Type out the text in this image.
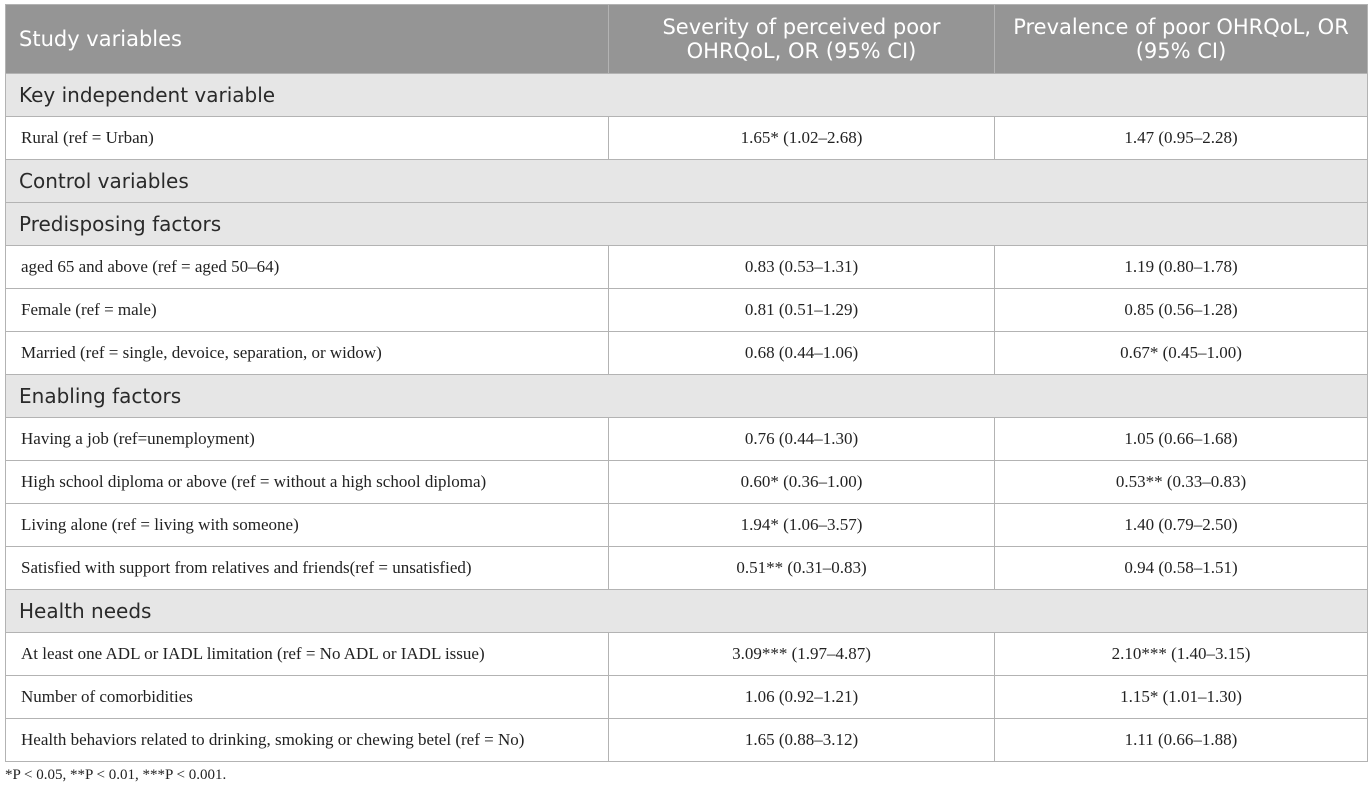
Study variables	Severity of perceived poor OHRQoL, OR (95% CI)	Prevalence of poor OHRQoL, OR (95% CI)
Key independent variable		
Rural (ref = Urban)	1.65* (1.02–2.68)	1.47 (0.95–2.28)
Control variables		
Predisposing factors		
aged 65 and above (ref = aged 50–64)	0.83 (0.53–1.31)	1.19 (0.80–1.78)
Female (ref = male)	0.81 (0.51–1.29)	0.85 (0.56–1.28)
Married (ref = single, devoice, separation, or widow)	0.68 (0.44–1.06)	0.67* (0.45–1.00)
Enabling factors		
Having a job (ref=unemployment)	0.76 (0.44–1.30)	1.05 (0.66–1.68)
High school diploma or above (ref = without a high school diploma)	0.60* (0.36–1.00)	0.53** (0.33–0.83)
Living alone (ref = living with someone)	1.94* (1.06–3.57)	1.40 (0.79–2.50)
Satisfied with support from relatives and friends(ref = unsatisfied)	0.51** (0.31–0.83)	0.94 (0.58–1.51)
Health needs		
At least one ADL or IADL limitation (ref = No ADL or IADL issue)	3.09*** (1.97–4.87)	2.10*** (1.40–3.15)
Number of comorbidities	1.06 (0.92–1.21)	1.15* (1.01–1.30)
Health behaviors related to drinking, smoking or chewing betel (ref = No)	1.65 (0.88–3.12)	1.11 (0.66–1.88)
*P < 0.05, **P < 0.01, ***P < 0.001.
